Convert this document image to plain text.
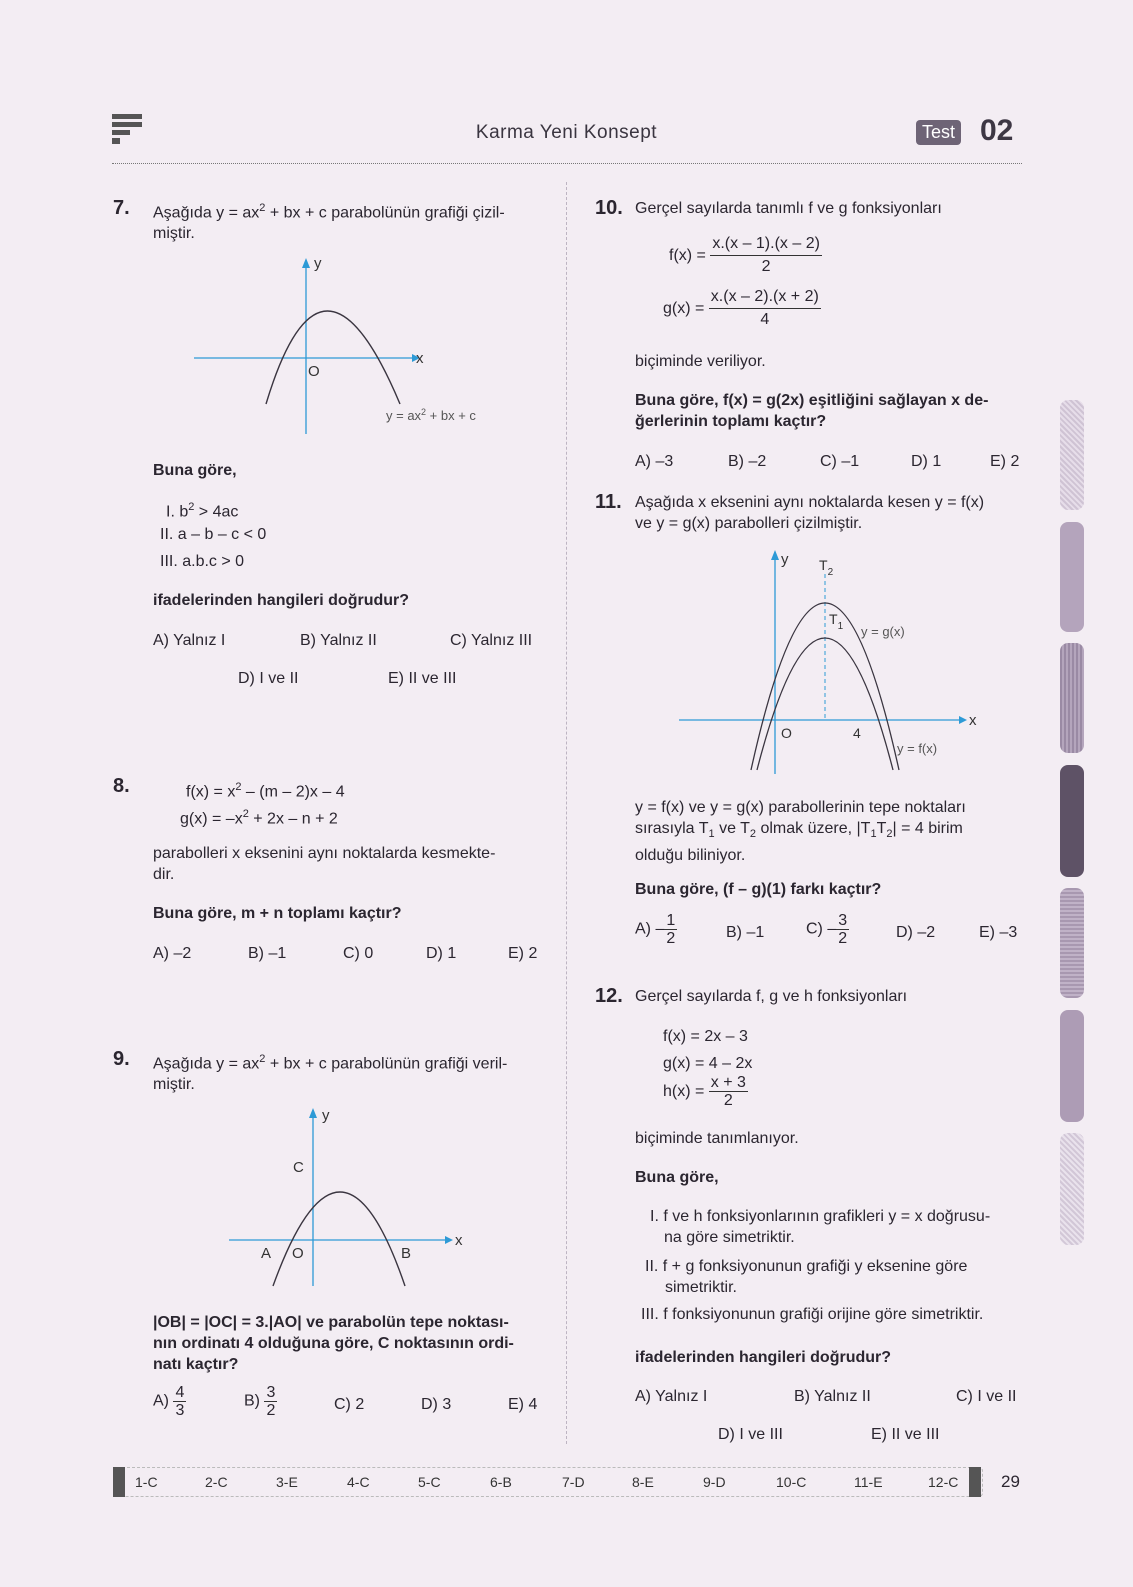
Karma Yeni Konsept	Test 02
7. Aşağıda $y = ax^2$ + bx + c parabolünün grafiği çizil-
miştir.
y
x
O
$y = ax^2$ + bx + c
Buna göre,
I. $b^2 > 4ac$
II. a – b – c < 0
III. a.b.c > 0
ifadelerinden hangileri doğrudur?
A) Yalnız I	B) Yalnız II	C) Yalnız III
D) I ve II	E) II ve III
8.	$f(x) = x^2 - (m - 2)x - 4$
$g(x) = -x^2 + 2x - n + 2$
parabolleri x eksenini aynı noktalarda kesmekte-
dir.
Buna göre, m + n toplamı kaçtır?
A) –2	B) –1	C) 0	D) 1	E) 2
9. Aşağıda $y = ax^2$ + bx + c parabolünün grafiği veril-
miştir.
y
x
C
A O	B
|OB| = |OC| = 3.|AO| ve parabolün tepe noktası-
nın ordinatı 4 olduğuna göre, C noktasının ordi-
natı kaçtır?
$A) \frac{4}{3}$	$B) \frac{3}{2}$	C) 2	D) 3	E) 4
10. Gerçel sayılarda tanımlı f ve g fonksiyonları
$f(x) = \frac{x.(x - 1).(x - 2)}{2}$
$g(x) = \frac{x.(x - 2).(x + 2)}{4}$
biçiminde veriliyor.
Buna göre, f(x) = g(2x) eşitliğini sağlayan x de-
ğerlerinin toplamı kaçtır?
A) –3	B) –2	C) –1	D) 1	E) 2
11. Aşağıda x eksenini aynı noktalarda kesen y = f(x)
ve y = g(x) parabolleri çizilmiştir.
y
x
O	4
$T_2$
$T_1$ y = g(x)
y = f(x)
y = f(x) ve y = g(x) parabollerinin tepe noktaları
sırasıyla $T_1$ ve $T_2$ olmak üzere, $|T_1T_2| = 4$ birim
olduğu biliniyor.
Buna göre, (f – g)(1) farkı kaçtır?
$A) - \frac{1}{2}$	B) –1	$C) - \frac{3}{2}$	D) –2	E) –3
12. Gerçel sayılarda f, g ve h fonksiyonları
f(x) = 2x – 3
g(x) = 4 – 2x
$h(x) = \frac{x + 3}{2}$
biçiminde tanımlanıyor.
Buna göre,
I. f ve h fonksiyonlarının grafikleri y = x doğrusu-
na göre simetriktir.
II. f + g fonksiyonunun grafiği y eksenine göre
simetriktir.
III. f fonksiyonunun grafiği orijine göre simetriktir.
ifadelerinden hangileri doğrudur?
A) Yalnız I	B) Yalnız II	C) I ve II
D) I ve III	E) II ve III
1-C	2-C	3-E	4-C	5-C	6-B	7-D	8-E	9-D	10-C	11-E	12-C	29
